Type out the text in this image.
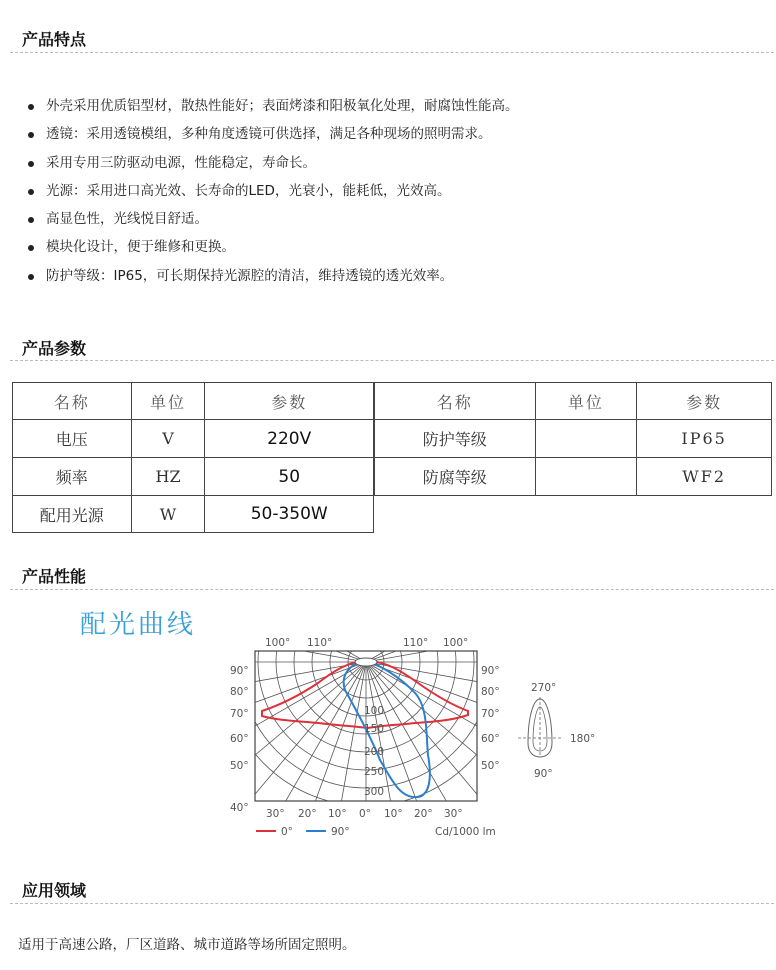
产品特点
外壳采用优质铝型材，散热性能好；表面烤漆和阳极氧化处理，耐腐蚀性能高。
透镜：采用透镜模组，多种角度透镜可供选择，满足各种现场的照明需求。
采用专用三防驱动电源，性能稳定，寿命长。
光源：采用进口高光效、长寿命的LED，光衰小，能耗低，光效高。
高显色性，光线悦目舒适。
模块化设计，便于维修和更换。
防护等级：IP65，可长期保持光源腔的清洁，维持透镜的透光效率。
产品参数
名称	单位	参数
电压	V	220V
频率	HZ	50
配用光源	W	50-350W
名称	单位	参数
防护等级		IP65
防腐等级		WF2
产品性能
配光曲线
100° 110°	110° 100°
90°
80°
70°
60°
50°
40°
90°
80°
70°
60°
50°
30° 20° 10° 0° 10° 20° 30°
100
150
200
250
300
0°	90°	Cd/1000 lm
270°
180°
90°
应用领域
适用于高速公路，厂区道路、城市道路等场所固定照明。
